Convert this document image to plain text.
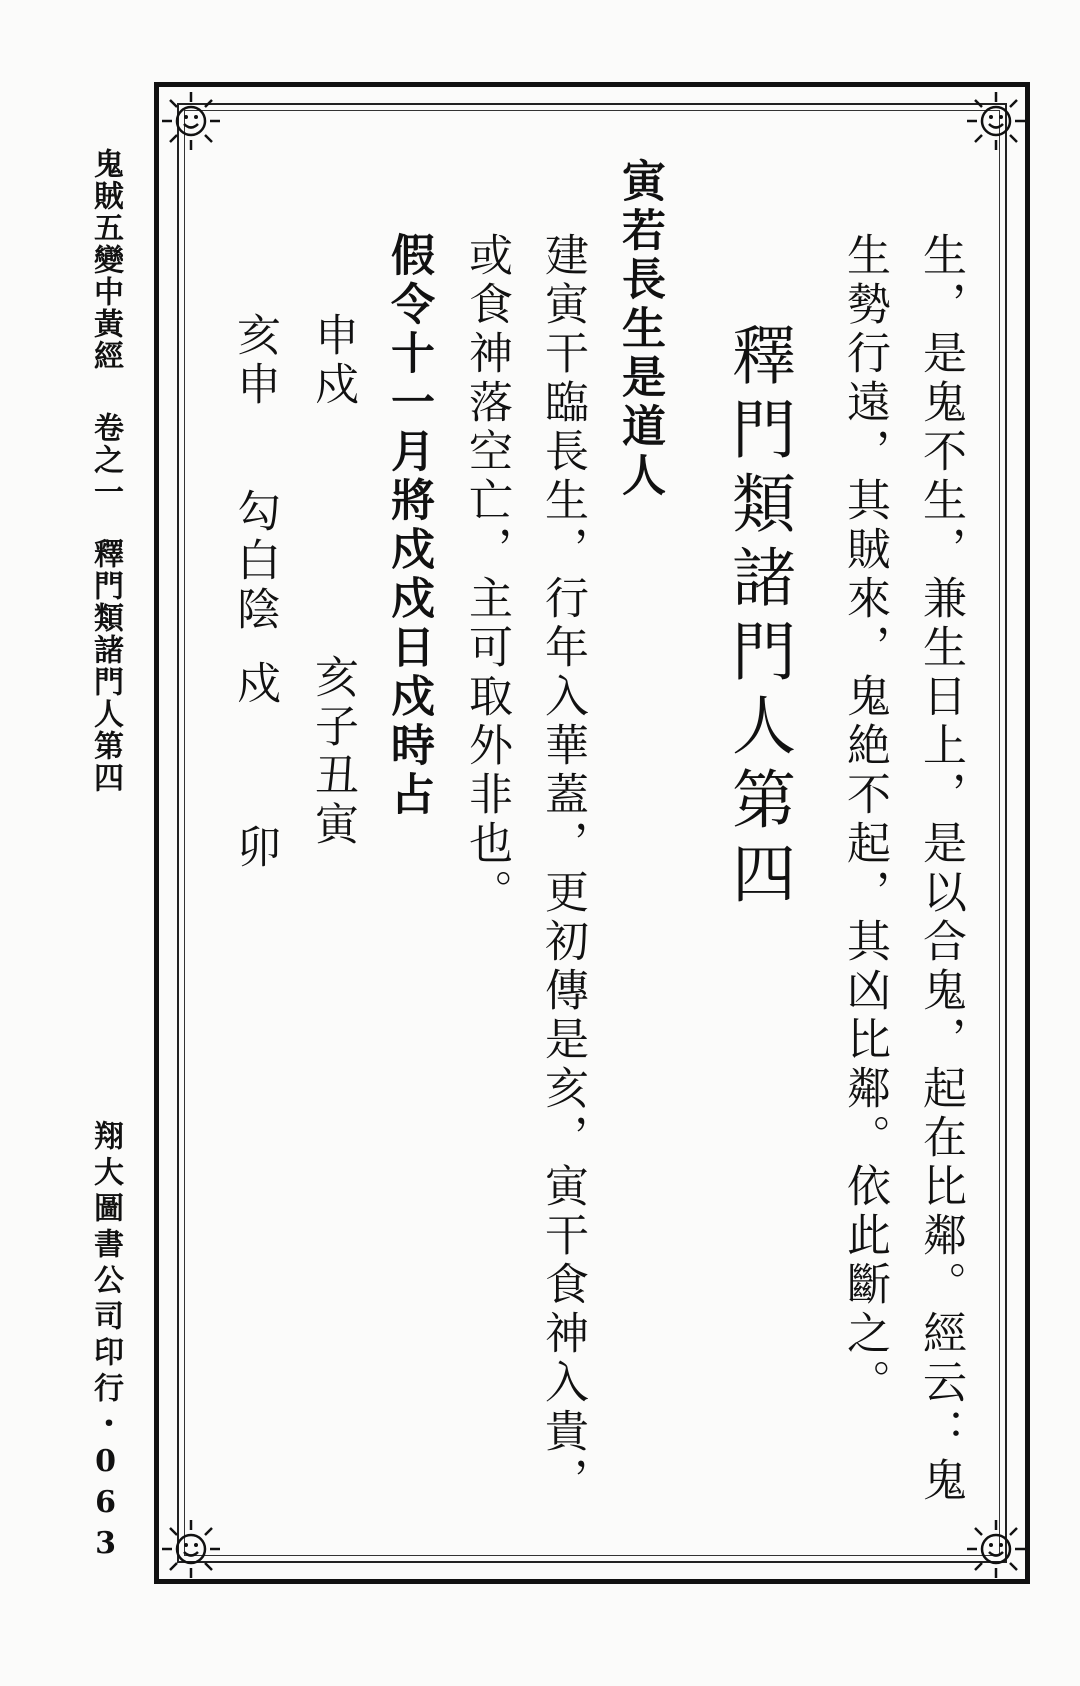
鬼賊五變中黃經卷之一釋門類諸門人第四
翔大圖書公司印行・063	生，是鬼不生，兼生日上，是以合鬼，起在比鄰。經云：鬼
生勢行遠，其賊來，鬼絶不起，其凶比鄰。依此斷之。
釋門類諸門人第四
寅若長生是道人
建寅干臨長生，行年入華蓋，更初傳是亥，寅干食神入貴，
或食神落空亡，主可取外非也。
假令十一月將戍戍日戍時占
申戍
亥子丑寅
亥申
勾白陰
戍
卯
